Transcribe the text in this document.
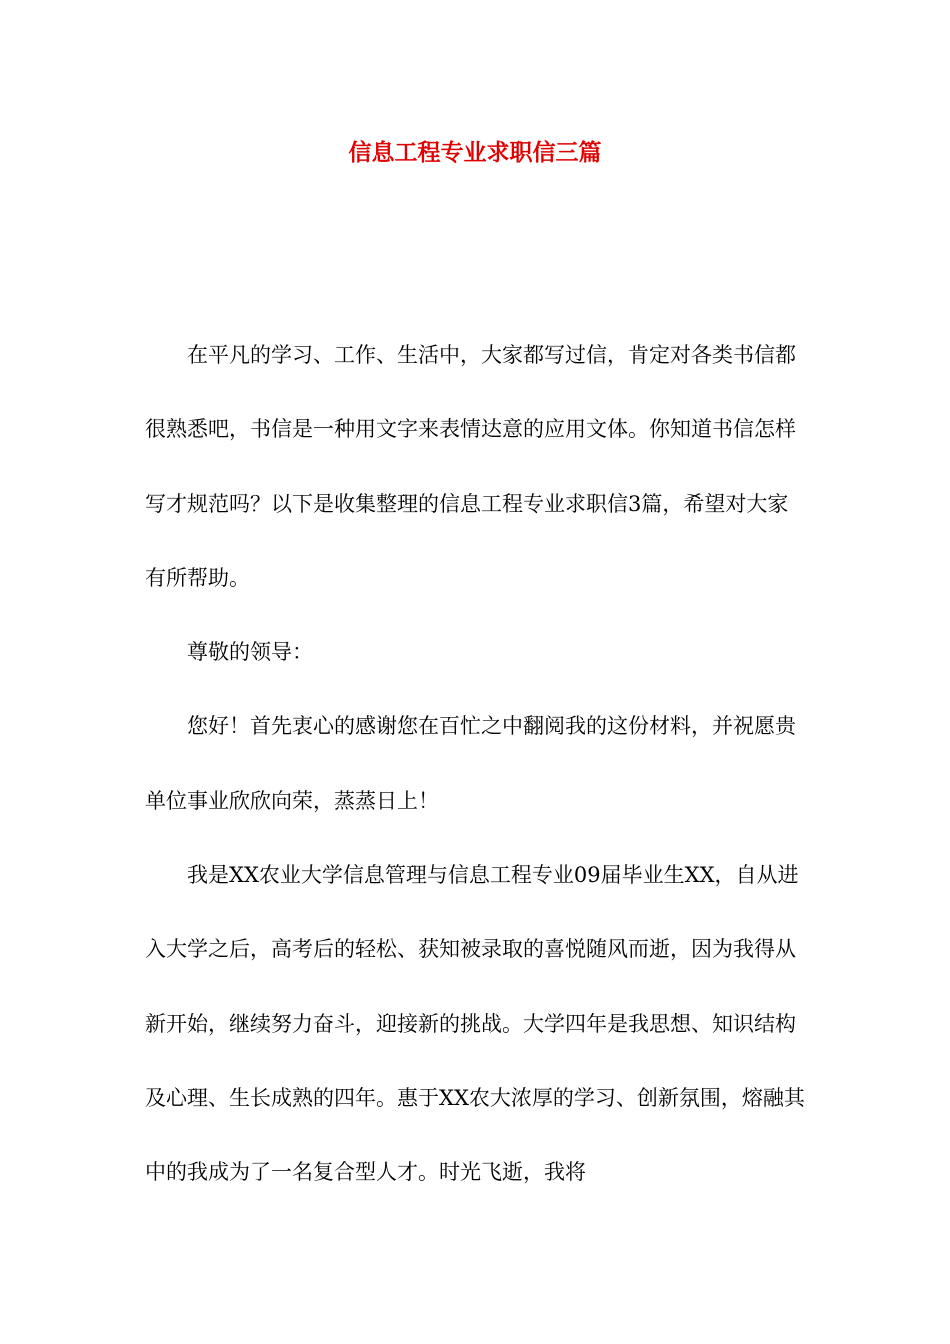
信息工程专业求职信三篇

在平凡的学习、工作、生活中，大家都写过信，肯定对各类书信都很熟悉吧，书信是一种用文字来表情达意的应用文体。你知道书信怎样写才规范吗？以下是收集整理的信息工程专业求职信3篇，希望对大家有所帮助。

尊敬的领导：

您好！首先衷心的感谢您在百忙之中翻阅我的这份材料，并祝愿贵单位事业欣欣向荣，蒸蒸日上！

我是XX农业大学信息管理与信息工程专业09届毕业生XX，自从进入大学之后，高考后的轻松、获知被录取的喜悦随风而逝，因为我得从新开始，继续努力奋斗，迎接新的挑战。大学四年是我思想、知识结构及心理、生长成熟的四年。惠于XX农大浓厚的学习、创新氛围，熔融其中的我成为了一名复合型人才。时光飞逝，我将
